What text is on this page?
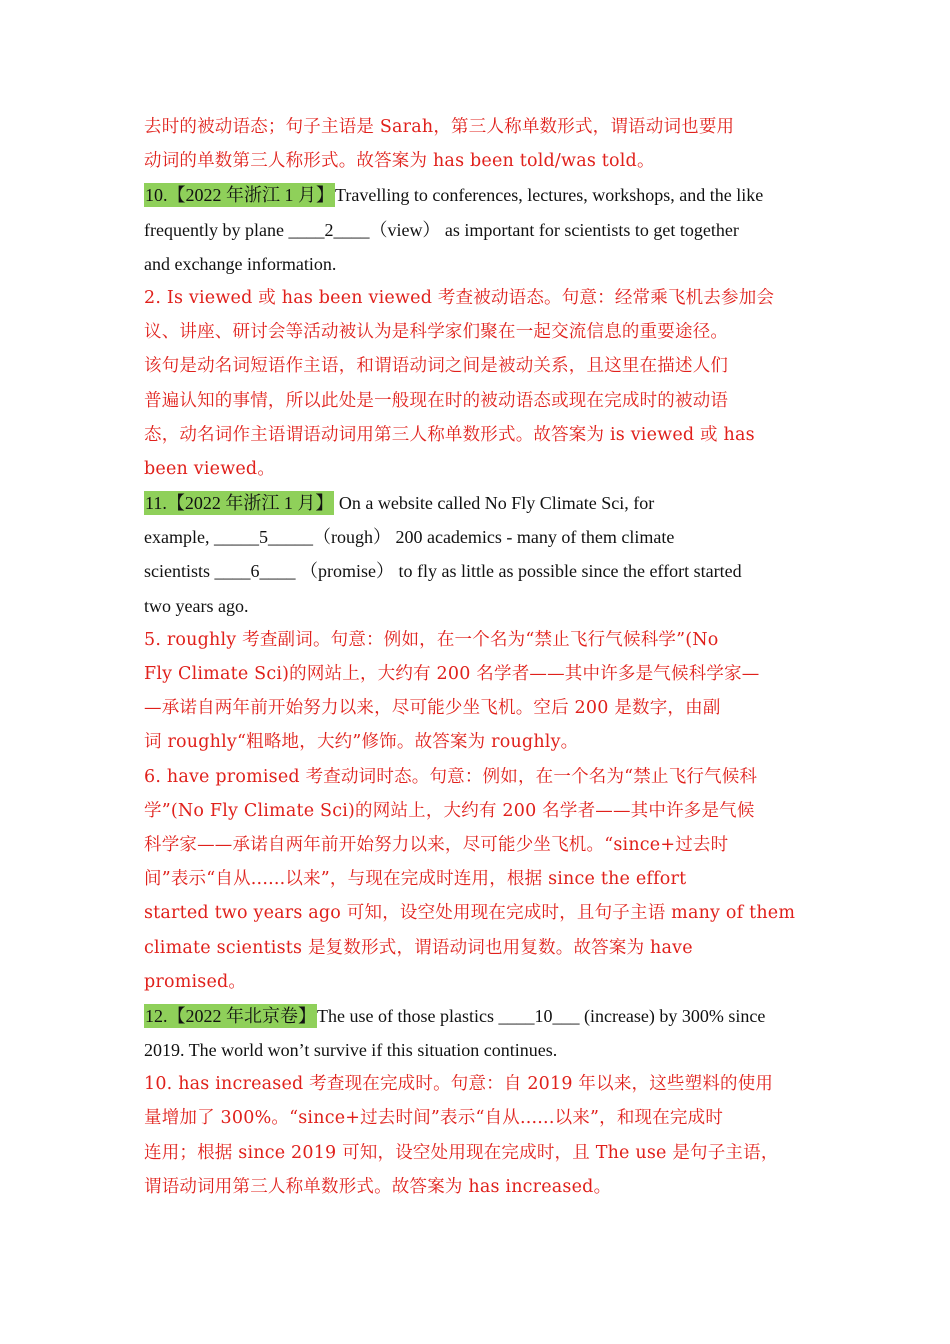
去时的被动语态；句子主语是 Sarah，第三人称单数形式，谓语动词也要用
动词的单数第三人称形式。故答案为 has been told/was told。
10.【2022 年浙江 1 月】Travelling to conferences, lectures, workshops, and the like
frequently by plane ____2____（view） as important for scientists to get together
and exchange information.
2. Is viewed 或 has been viewed 考查被动语态。句意：经常乘飞机去参加会
议、讲座、研讨会等活动被认为是科学家们聚在一起交流信息的重要途径。
该句是动名词短语作主语，和谓语动词之间是被动关系，且这里在描述人们
普遍认知的事情，所以此处是一般现在时的被动语态或现在完成时的被动语
态，动名词作主语谓语动词用第三人称单数形式。故答案为 is viewed 或 has
been viewed。
11.【2022 年浙江 1 月】 On a website called No Fly Climate Sci, for
example, _____5_____（rough） 200 academics - many of them climate
scientists ____6____ （promise） to fly as little as possible since the effort started
two years ago.
5. roughly 考查副词。句意：例如，在一个名为“禁止飞行气候科学”(No
Fly Climate Sci)的网站上，大约有 200 名学者——其中许多是气候科学家—
—承诺自两年前开始努力以来，尽可能少坐飞机。空后 200 是数字，由副
词 roughly“粗略地，大约”修饰。故答案为 roughly。
6. have promised 考查动词时态。句意：例如，在一个名为“禁止飞行气候科
学”(No Fly Climate Sci)的网站上，大约有 200 名学者——其中许多是气候
科学家——承诺自两年前开始努力以来，尽可能少坐飞机。“since+过去时
间”表示“自从......以来”，与现在完成时连用，根据 since the effort
started two years ago 可知，设空处用现在完成时，且句子主语 many of them
climate scientists 是复数形式，谓语动词也用复数。故答案为 have
promised。
12.【2022 年北京卷】The use of those plastics ____10___ (increase) by 300% since
2019. The world won’t survive if this situation continues.
10. has increased 考查现在完成时。句意：自 2019 年以来，这些塑料的使用
量增加了 300%。“since+过去时间”表示“自从......以来”，和现在完成时
连用；根据 since 2019 可知，设空处用现在完成时，且 The use 是句子主语，
谓语动词用第三人称单数形式。故答案为 has increased。
